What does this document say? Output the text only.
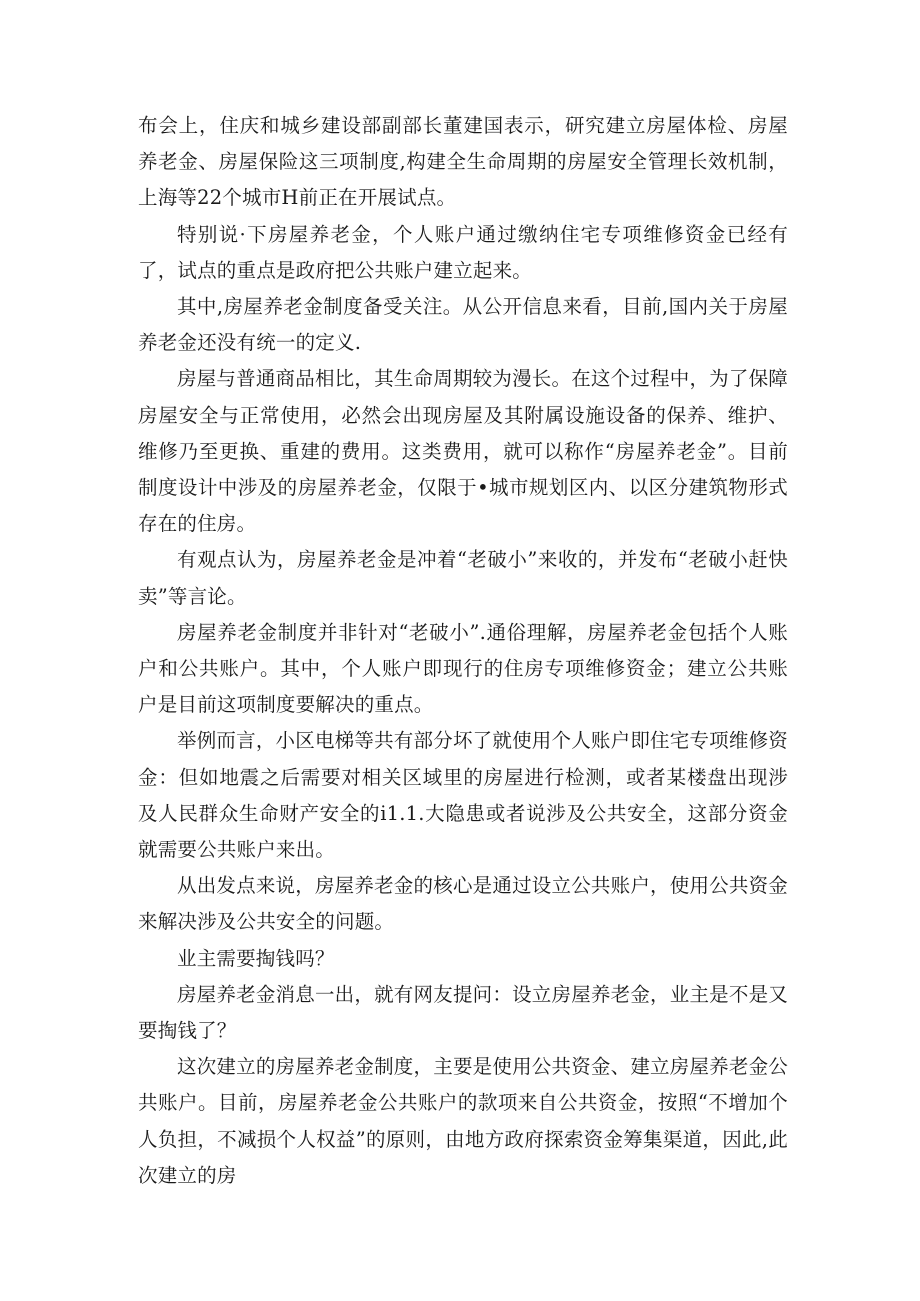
布会上，住庆和城乡建设部副部长董建国表示，研究建立房屋体检、房屋养老金、房屋保险这三项制度,构建全生命周期的房屋安全管理长效机制，上海等22个城市H前正在开展试点。

特别说·下房屋养老金，个人账户通过缴纳住宅专项维修资金已经有了，试点的重点是政府把公共账户建立起来。

其中,房屋养老金制度备受关注。从公开信息来看，目前,国内关于房屋养老金还没有统一的定义.

房屋与普通商品相比，其生命周期较为漫长。在这个过程中，为了保障房屋安全与正常使用，必然会出现房屋及其附属设施设备的保养、维护、维修乃至更换、重建的费用。这类费用，就可以称作“房屋养老金”。目前制度设计中涉及的房屋养老金，仅限于•城市规划区内、以区分建筑物形式存在的住房。

有观点认为，房屋养老金是冲着“老破小”来收的，并发布“老破小赶快卖”等言论。

房屋养老金制度并非针对“老破小”.通俗理解，房屋养老金包括个人账户和公共账户。其中，个人账户即现行的住房专项维修资金；建立公共账户是目前这项制度要解决的重点。

举例而言，小区电梯等共有部分坏了就使用个人账户即住宅专项维修资金：但如地震之后需要对相关区域里的房屋进行检测，或者某楼盘出现涉及人民群众生命财产安全的i1.1.大隐患或者说涉及公共安全，这部分资金就需要公共账户来出。

从出发点来说，房屋养老金的核心是通过设立公共账户，使用公共资金来解决涉及公共安全的问题。

业主需要掏钱吗？

房屋养老金消息一出，就有网友提问：设立房屋养老金，业主是不是又要掏钱了？

这次建立的房屋养老金制度，主要是使用公共资金、建立房屋养老金公共账户。目前，房屋养老金公共账户的款项来自公共资金，按照“不增加个人负担，不减损个人权益”的原则，由地方政府探索资金筹集渠道，因此,此次建立的房
